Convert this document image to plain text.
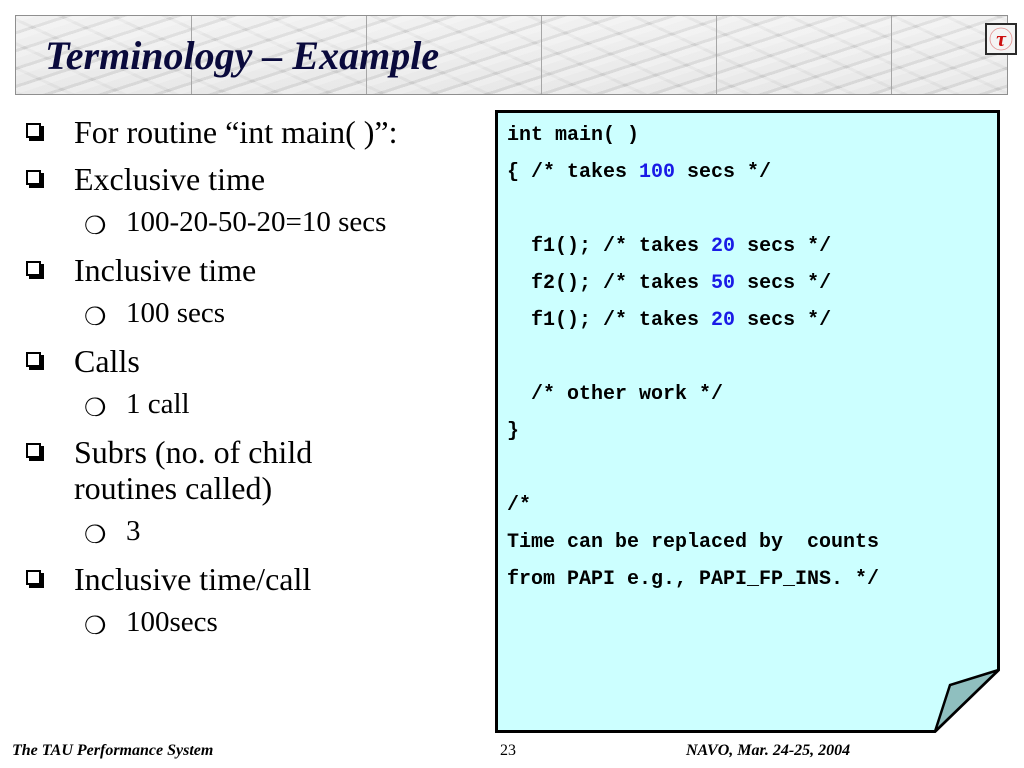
Terminology – Example	τ
For routine “int main( )”:
Exclusive time
❍ 100-20-50-20=10 secs
Inclusive time
❍ 100 secs
Calls
❍ 1 call
Subrs (no. of child routines called)
❍ 3
Inclusive time/call
❍ 100secs
int main( )
{ /* takes 100 secs */

f1(); /* takes 20 secs */
f2(); /* takes 50 secs */
f1(); /* takes 20 secs */

/* other work */
}

/*
Time can be replaced by  counts
from PAPI e.g., PAPI_FP_INS. */
The TAU Performance System	23	NAVO, Mar. 24-25, 2004
